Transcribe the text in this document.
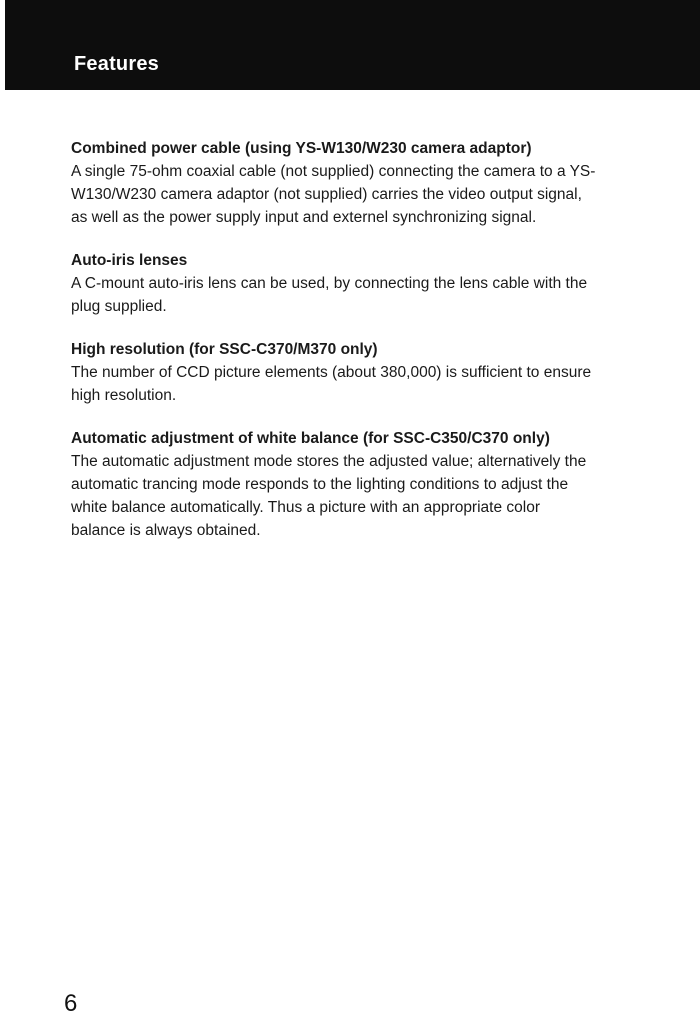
Features

Combined power cable (using YS-W130/W230 camera adaptor)

A single 75-ohm coaxial cable (not supplied) connecting the camera to a YS-
W130/W230 camera adaptor (not supplied) carries the video output signal,
as well as the power supply input and externel synchronizing signal.

Auto-iris lenses

A C-mount auto-iris lens can be used, by connecting the lens cable with the
plug supplied.

High resolution (for SSC-C370/M370 only)

The number of CCD picture elements (about 380,000) is sufficient to ensure
high resolution.

Automatic adjustment of white balance (for SSC-C350/C370 only)

The automatic adjustment mode stores the adjusted value; alternatively the
automatic trancing mode responds to the lighting conditions to adjust the
white balance automatically. Thus a picture with an appropriate color
balance is always obtained.

6
